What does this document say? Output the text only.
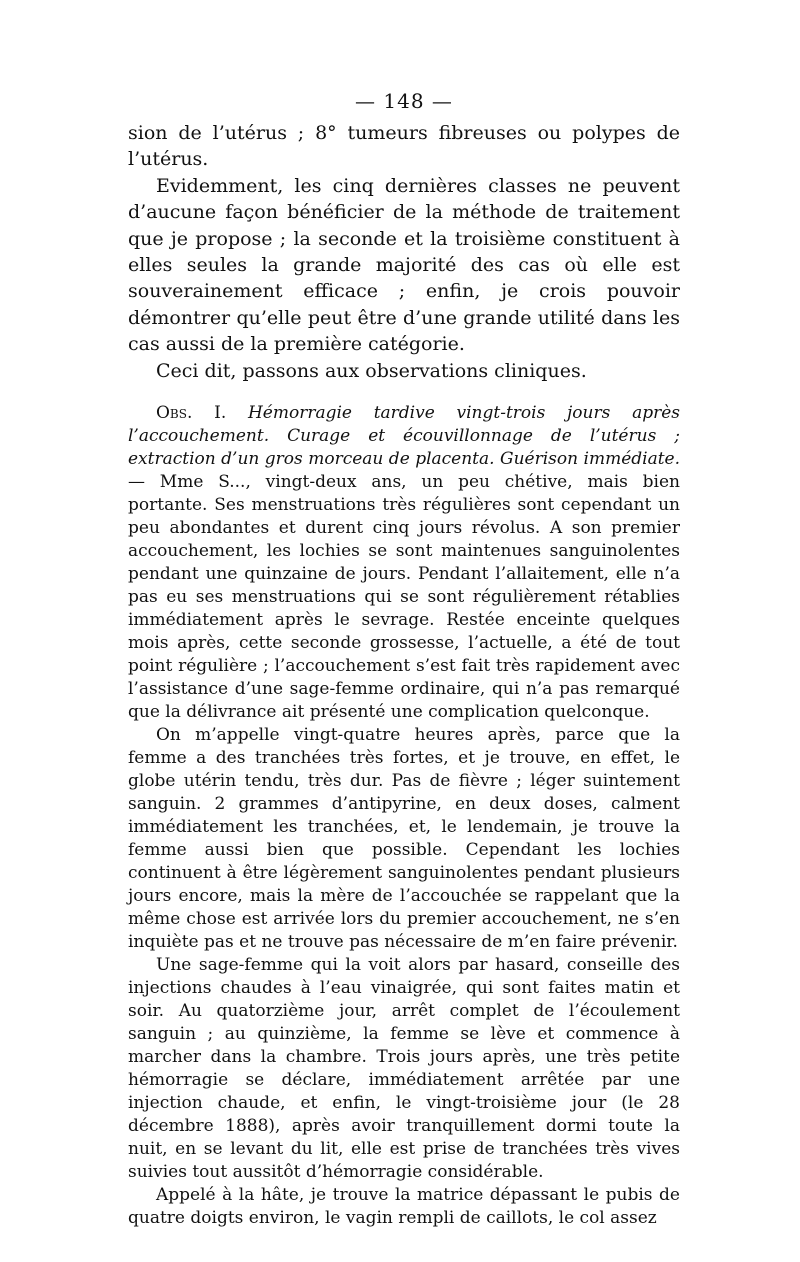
— 148 —

sion de l’utérus ; 8° tumeurs fibreuses ou polypes de l’utérus.

Evidemment, les cinq dernières classes ne peuvent d’aucune façon bénéficier de la méthode de traitement que je propose ; la seconde et la troisième constituent à elles seules la grande majorité des cas où elle est souverainement efficace ; enfin, je crois pouvoir démontrer qu’elle peut être d’une grande utilité dans les cas aussi de la première catégorie.

Ceci dit, passons aux observations cliniques.

Obs. I. Hémorragie tardive vingt-trois jours après l’accouchement. Curage et écouvillonnage de l’utérus ; extraction d’un gros morceau de placenta. Guérison immédiate. — Mme S..., vingt-deux ans, un peu chétive, mais bien portante. Ses menstruations très régulières sont cependant un peu abondantes et durent cinq jours révolus. A son premier accouchement, les lochies se sont maintenues sanguinolentes pendant une quinzaine de jours. Pendant l’allaitement, elle n’a pas eu ses menstruations qui se sont régulièrement rétablies immédiatement après le sevrage. Restée enceinte quelques mois après, cette seconde grossesse, l’actuelle, a été de tout point régulière ; l’accouchement s’est fait très rapidement avec l’assistance d’une sage-femme ordinaire, qui n’a pas remarqué que la délivrance ait présenté une complication quelconque.

On m’appelle vingt-quatre heures après, parce que la femme a des tranchées très fortes, et je trouve, en effet, le globe utérin tendu, très dur. Pas de fièvre ; léger suintement sanguin. 2 grammes d’antipyrine, en deux doses, calment immédiatement les tranchées, et, le lendemain, je trouve la femme aussi bien que possible. Cependant les lochies continuent à être légèrement sanguinolentes pendant plusieurs jours encore, mais la mère de l’accouchée se rappelant que la même chose est arrivée lors du premier accouchement, ne s’en inquiète pas et ne trouve pas nécessaire de m’en faire prévenir.

Une sage-femme qui la voit alors par hasard, conseille des injections chaudes à l’eau vinaigrée, qui sont faites matin et soir. Au quatorzième jour, arrêt complet de l’écoulement sanguin ; au quinzième, la femme se lève et commence à marcher dans la chambre. Trois jours après, une très petite hémorragie se déclare, immédiatement arrêtée par une injection chaude, et enfin, le vingt-troisième jour (le 28 décembre 1888), après avoir tranquillement dormi toute la nuit, en se levant du lit, elle est prise de tranchées très vives suivies tout aussitôt d’hémorragie considérable.

Appelé à la hâte, je trouve la matrice dépassant le pubis de quatre doigts environ, le vagin rempli de caillots, le col assez
